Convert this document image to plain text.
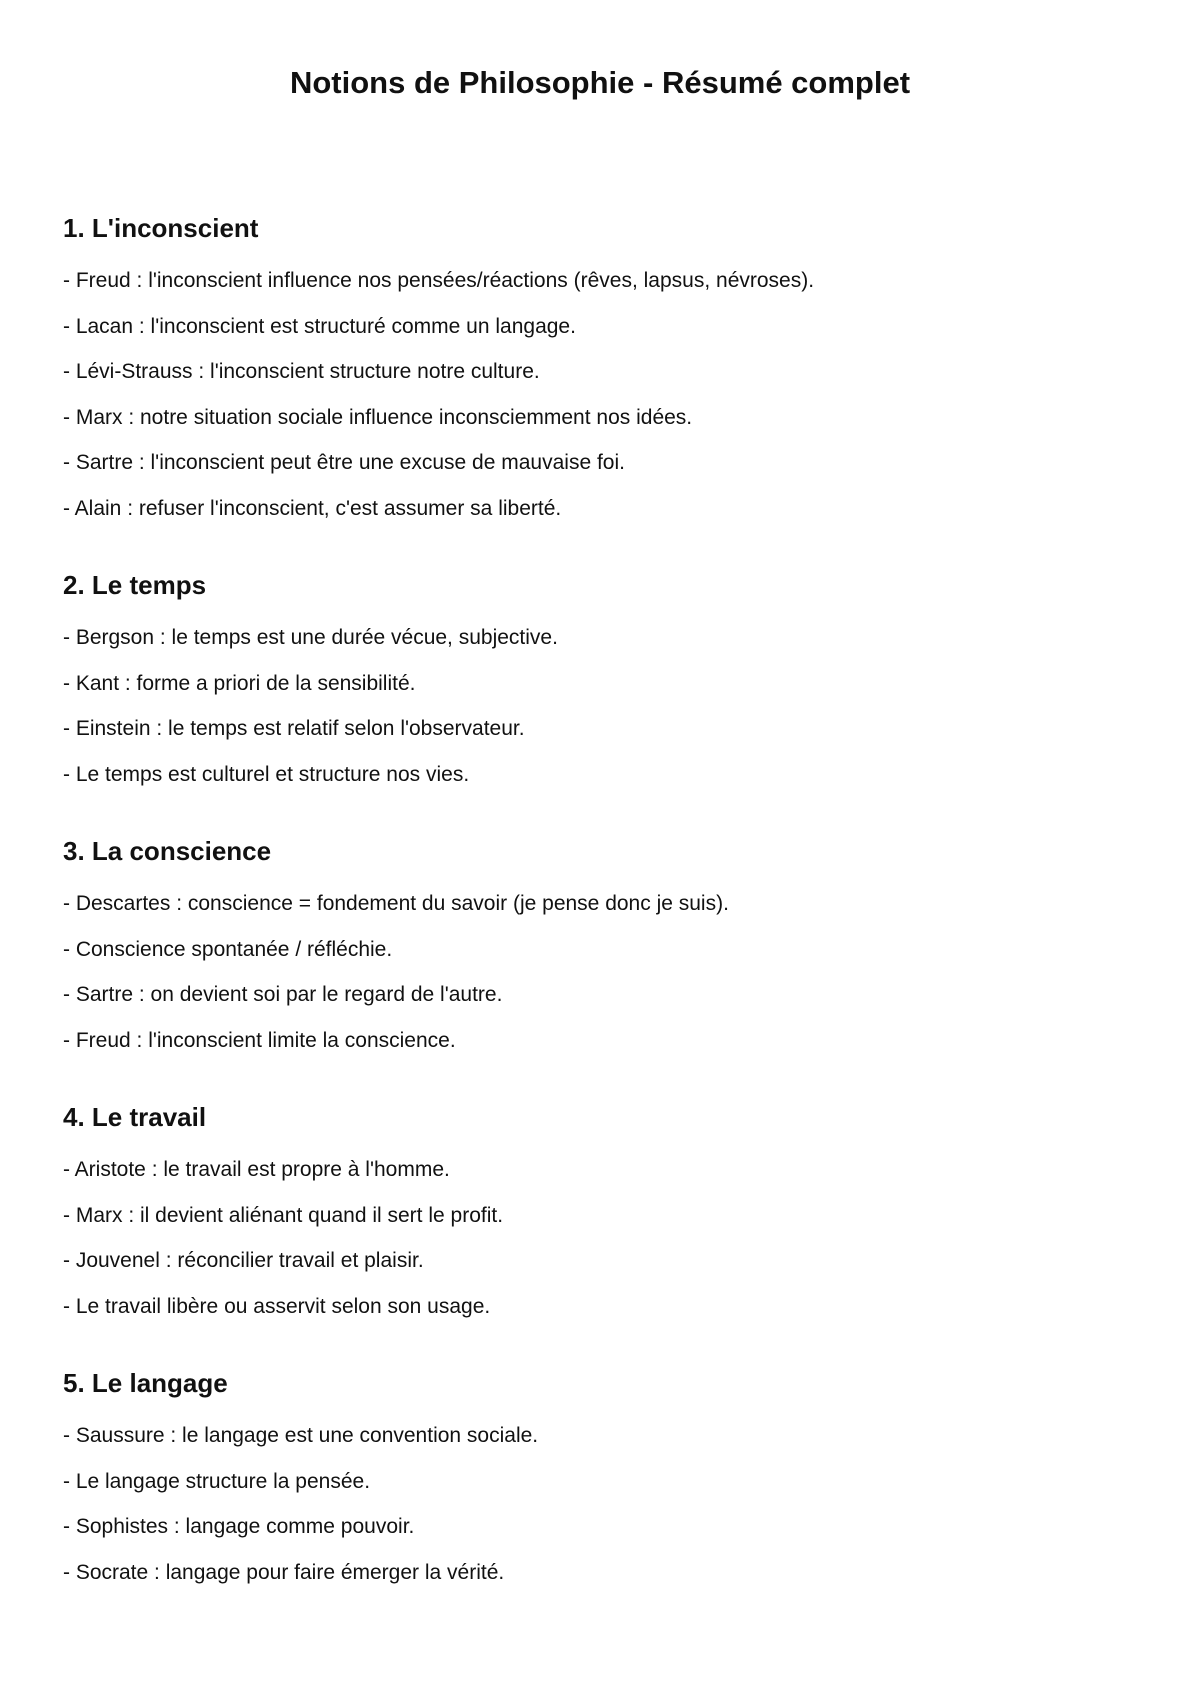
Notions de Philosophie - Résumé complet
1. L'inconscient
- Freud : l'inconscient influence nos pensées/réactions (rêves, lapsus, névroses).
- Lacan : l'inconscient est structuré comme un langage.
- Lévi-Strauss : l'inconscient structure notre culture.
- Marx : notre situation sociale influence inconsciemment nos idées.
- Sartre : l'inconscient peut être une excuse de mauvaise foi.
- Alain : refuser l'inconscient, c'est assumer sa liberté.
2. Le temps
- Bergson : le temps est une durée vécue, subjective.
- Kant : forme a priori de la sensibilité.
- Einstein : le temps est relatif selon l'observateur.
- Le temps est culturel et structure nos vies.
3. La conscience
- Descartes : conscience = fondement du savoir (je pense donc je suis).
- Conscience spontanée / réfléchie.
- Sartre : on devient soi par le regard de l'autre.
- Freud : l'inconscient limite la conscience.
4. Le travail
- Aristote : le travail est propre à l'homme.
- Marx : il devient aliénant quand il sert le profit.
- Jouvenel : réconcilier travail et plaisir.
- Le travail libère ou asservit selon son usage.
5. Le langage
- Saussure : le langage est une convention sociale.
- Le langage structure la pensée.
- Sophistes : langage comme pouvoir.
- Socrate : langage pour faire émerger la vérité.
